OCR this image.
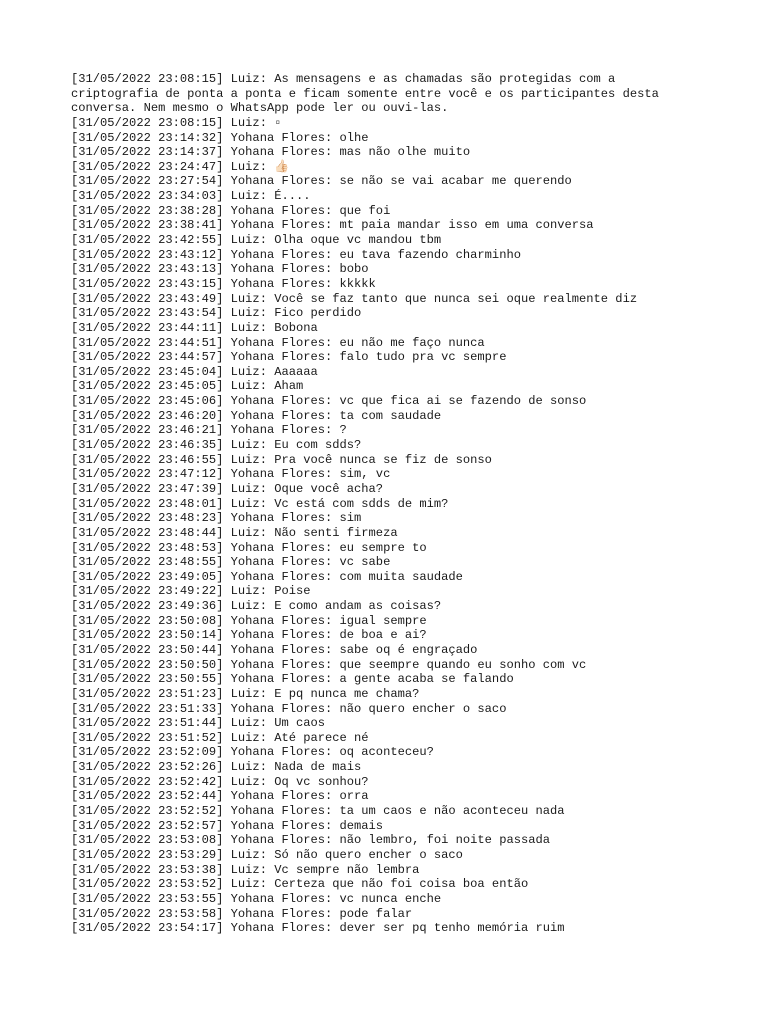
[31/05/2022 23:08:15] Luiz: As mensagens e as chamadas são protegidas com a
criptografia de ponta a ponta e ficam somente entre você e os participantes desta
conversa. Nem mesmo o WhatsApp pode ler ou ouvi-las.
[31/05/2022 23:08:15] Luiz: ▫
[31/05/2022 23:14:32] Yohana Flores: olhe
[31/05/2022 23:14:37] Yohana Flores: mas não olhe muito
[31/05/2022 23:24:47] Luiz: 👍🏻
[31/05/2022 23:27:54] Yohana Flores: se não se vai acabar me querendo
[31/05/2022 23:34:03] Luiz: É....
[31/05/2022 23:38:28] Yohana Flores: que foi
[31/05/2022 23:38:41] Yohana Flores: mt paia mandar isso em uma conversa
[31/05/2022 23:42:55] Luiz: Olha oque vc mandou tbm
[31/05/2022 23:43:12] Yohana Flores: eu tava fazendo charminho
[31/05/2022 23:43:13] Yohana Flores: bobo
[31/05/2022 23:43:15] Yohana Flores: kkkkk
[31/05/2022 23:43:49] Luiz: Você se faz tanto que nunca sei oque realmente diz
[31/05/2022 23:43:54] Luiz: Fico perdido
[31/05/2022 23:44:11] Luiz: Bobona
[31/05/2022 23:44:51] Yohana Flores: eu não me faço nunca
[31/05/2022 23:44:57] Yohana Flores: falo tudo pra vc sempre
[31/05/2022 23:45:04] Luiz: Aaaaaa
[31/05/2022 23:45:05] Luiz: Aham
[31/05/2022 23:45:06] Yohana Flores: vc que fica ai se fazendo de sonso
[31/05/2022 23:46:20] Yohana Flores: ta com saudade
[31/05/2022 23:46:21] Yohana Flores: ?
[31/05/2022 23:46:35] Luiz: Eu com sdds?
[31/05/2022 23:46:55] Luiz: Pra você nunca se fiz de sonso
[31/05/2022 23:47:12] Yohana Flores: sim, vc
[31/05/2022 23:47:39] Luiz: Oque você acha?
[31/05/2022 23:48:01] Luiz: Vc está com sdds de mim?
[31/05/2022 23:48:23] Yohana Flores: sim
[31/05/2022 23:48:44] Luiz: Não senti firmeza
[31/05/2022 23:48:53] Yohana Flores: eu sempre to
[31/05/2022 23:48:55] Yohana Flores: vc sabe
[31/05/2022 23:49:05] Yohana Flores: com muita saudade
[31/05/2022 23:49:22] Luiz: Poise
[31/05/2022 23:49:36] Luiz: E como andam as coisas?
[31/05/2022 23:50:08] Yohana Flores: igual sempre
[31/05/2022 23:50:14] Yohana Flores: de boa e ai?
[31/05/2022 23:50:44] Yohana Flores: sabe oq é engraçado
[31/05/2022 23:50:50] Yohana Flores: que seempre quando eu sonho com vc
[31/05/2022 23:50:55] Yohana Flores: a gente acaba se falando
[31/05/2022 23:51:23] Luiz: E pq nunca me chama?
[31/05/2022 23:51:33] Yohana Flores: não quero encher o saco
[31/05/2022 23:51:44] Luiz: Um caos
[31/05/2022 23:51:52] Luiz: Até parece né
[31/05/2022 23:52:09] Yohana Flores: oq aconteceu?
[31/05/2022 23:52:26] Luiz: Nada de mais
[31/05/2022 23:52:42] Luiz: Oq vc sonhou?
[31/05/2022 23:52:44] Yohana Flores: orra
[31/05/2022 23:52:52] Yohana Flores: ta um caos e não aconteceu nada
[31/05/2022 23:52:57] Yohana Flores: demais
[31/05/2022 23:53:08] Yohana Flores: não lembro, foi noite passada
[31/05/2022 23:53:29] Luiz: Só não quero encher o saco
[31/05/2022 23:53:38] Luiz: Vc sempre não lembra
[31/05/2022 23:53:52] Luiz: Certeza que não foi coisa boa então
[31/05/2022 23:53:55] Yohana Flores: vc nunca enche
[31/05/2022 23:53:58] Yohana Flores: pode falar
[31/05/2022 23:54:17] Yohana Flores: dever ser pq tenho memória ruim
